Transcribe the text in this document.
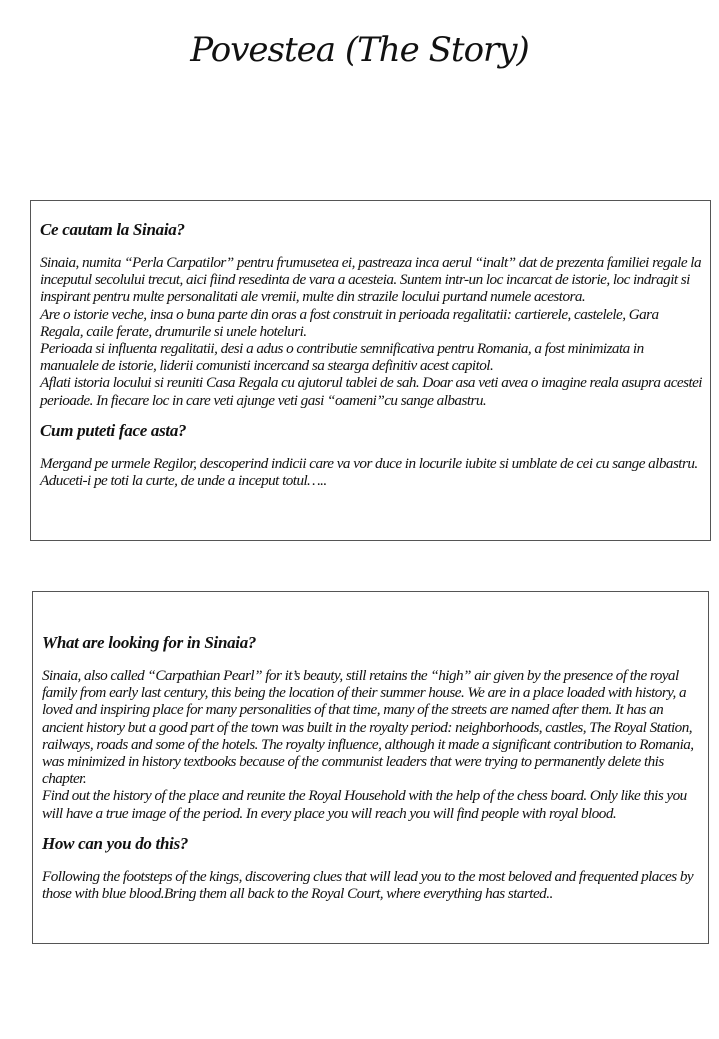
Povestea (The Story)
Ce cautam la Sinaia?

Sinaia, numita “Perla Carpatilor” pentru frumusetea ei, pastreaza inca aerul “inalt” dat de prezenta familiei regale la inceputul secolului trecut, aici fiind resedinta de vara a acesteia. Suntem intr-un loc incarcat de istorie, loc indragit si inspirant pentru multe personalitati ale vremii, multe din strazile locului purtand numele acestora.

Are o istorie veche, insa o buna parte din oras a fost construit in perioada regalitatii: cartierele, castelele, Gara Regala, caile ferate, drumurile si unele hoteluri.

Perioada si influenta regalitatii, desi a adus o contributie semnificativa pentru Romania, a fost minimizata in manualele de istorie, liderii comunisti incercand sa stearga definitiv acest capitol.

Aflati istoria locului si reuniti Casa Regala cu ajutorul tablei de sah. Doar asa veti avea o imagine reala asupra acestei perioade. In fiecare loc in care veti ajunge veti gasi “oameni”cu sange albastru.

Cum puteti face asta?

Mergand pe urmele Regilor, descoperind indicii care va vor duce in locurile iubite si umblate de cei cu sange albastru. Aduceti-i pe toti la curte, de unde a inceput totul…..

What are looking for in Sinaia?

Sinaia, also called “Carpathian Pearl” for it’s beauty, still retains the “high” air given by the presence of the royal family from early last century, this being the location of their summer house. We are in a place loaded with history, a loved and inspiring place for many personalities of that time, many of the streets are named after them. It has an ancient history but a good part of the town was built in the royalty period: neighborhoods, castles, The Royal Station, railways, roads and some of the hotels. The royalty influence, although it made a significant contribution to Romania, was minimized in history textbooks because of the communist leaders that were trying to permanently delete this chapter.

Find out the history of the place and reunite the Royal Household with the help of the chess board. Only like this you will have a true image of the period. In every place you will reach you will find people with royal blood.

How can you do this?

Following the footsteps of the kings, discovering clues that will lead you to the most beloved and frequented places by those with blue blood.Bring them all back to the Royal Court, where everything has started..
